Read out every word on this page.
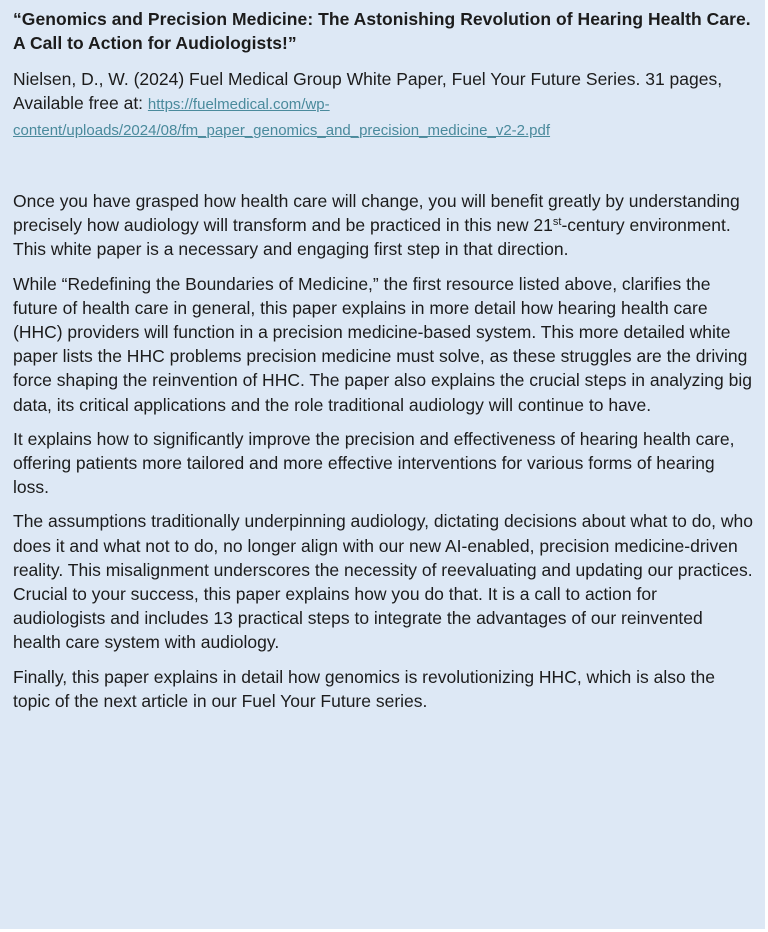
“Genomics and Precision Medicine: The Astonishing Revolution of Hearing Health Care. A Call to Action for Audiologists!”

Nielsen, D., W. (2024) Fuel Medical Group White Paper, Fuel Your Future Series. 31 pages, Available free at: https://fuelmedical.com/wp-content/uploads/2024/08/fm_paper_genomics_and_precision_medicine_v2-2.pdf

Once you have grasped how health care will change, you will benefit greatly by understanding precisely how audiology will transform and be practiced in this new 21st-century environment. This white paper is a necessary and engaging first step in that direction.

While “Redefining the Boundaries of Medicine,” the first resource listed above, clarifies the future of health care in general, this paper explains in more detail how hearing health care (HHC) providers will function in a precision medicine-based system. This more detailed white paper lists the HHC problems precision medicine must solve, as these struggles are the driving force shaping the reinvention of HHC. The paper also explains the crucial steps in analyzing big data, its critical applications and the role traditional audiology will continue to have.

It explains how to significantly improve the precision and effectiveness of hearing health care, offering patients more tailored and more effective interventions for various forms of hearing loss.

The assumptions traditionally underpinning audiology, dictating decisions about what to do, who does it and what not to do, no longer align with our new AI-enabled, precision medicine-driven reality. This misalignment underscores the necessity of reevaluating and updating our practices. Crucial to your success, this paper explains how you do that. It is a call to action for audiologists and includes 13 practical steps to integrate the advantages of our reinvented health care system with audiology.

Finally, this paper explains in detail how genomics is revolutionizing HHC, which is also the topic of the next article in our Fuel Your Future series.
